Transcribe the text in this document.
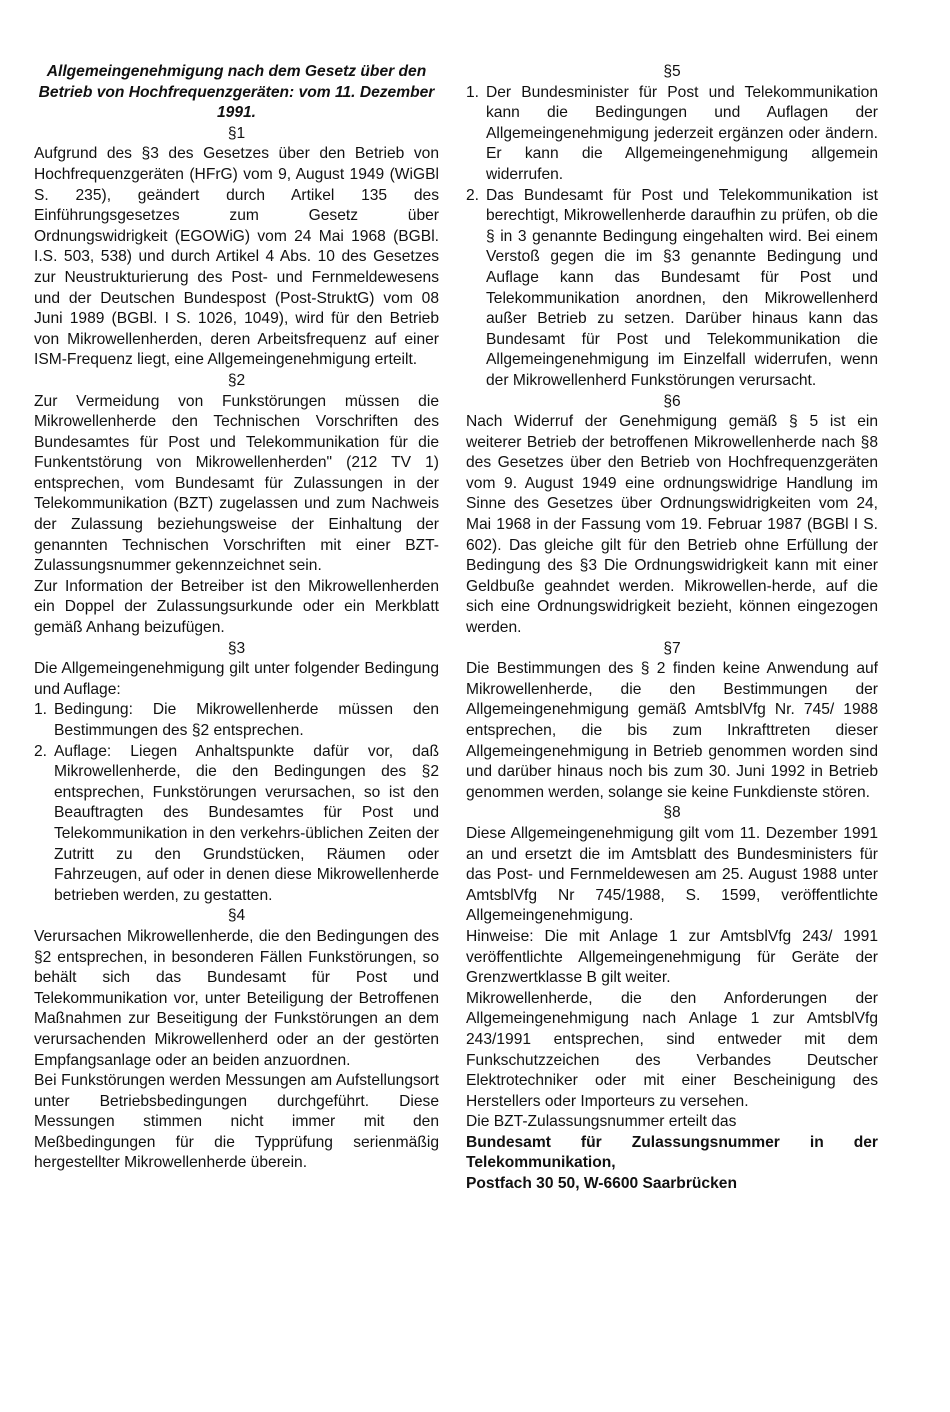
Allgemeingenehmigung nach dem Gesetz über den Betrieb von Hochfrequenzgeräten: vom 11. Dezember 1991.

§1

Aufgrund des §3 des Gesetzes über den Betrieb von Hochfrequenzgeräten (HFrG) vom 9, August 1949 (WiGBl S. 235), geändert durch Artikel 135 des Einführungsgesetzes zum Gesetz über Ordnungswidrigkeit (EGOWiG) vom 24 Mai 1968 (BGBl. I.S. 503, 538) und durch Artikel 4 Abs. 10 des Gesetzes zur Neustrukturierung des Post- und Fernmeldewesens und der Deutschen Bundespost (Post-StruktG) vom 08 Juni 1989 (BGBl. I S. 1026, 1049), wird für den Betrieb von Mikrowellenherden, deren Arbeitsfrequenz auf einer ISM-Frequenz liegt, eine Allgemeingenehmigung erteilt.

§2

Zur Vermeidung von Funkstörungen müssen die Mikrowellenherde den Technischen Vorschriften des Bundesamtes für Post und Telekommunikation für die Funkentstörung von Mikrowellenherden" (212 TV 1) entsprechen, vom Bundesamt für Zulassungen in der Telekommunikation (BZT) zugelassen und zum Nachweis der Zulassung beziehungsweise der Einhaltung der genannten Technischen Vorschriften mit einer BZT-Zulassungsnummer gekennzeichnet sein.

Zur Information der Betreiber ist den Mikrowellenherden ein Doppel der Zulassungsurkunde oder ein Merkblatt gemäß Anhang beizufügen.

§3

Die Allgemeingenehmigung gilt unter folgender Bedingung und Auflage:

1. Bedingung: Die Mikrowellenherde müssen den Bestimmungen des §2 entsprechen.
2. Auflage: Liegen Anhaltspunkte dafür vor, daß Mikrowellenherde, die den Bedingungen des §2 entsprechen, Funkstörungen verursachen, so ist den Beauftragten des Bundesamtes für Post und Telekommunikation in den verkehrs-üblichen Zeiten der Zutritt zu den Grundstücken, Räumen oder Fahrzeugen, auf oder in denen diese Mikrowellenherde betrieben werden, zu gestatten.

§4

Verursachen Mikrowellenherde, die den Bedingungen des §2 entsprechen, in besonderen Fällen Funkstörungen, so behält sich das Bundesamt für Post und Telekommunikation vor, unter Beteiligung der Betroffenen Maßnahmen zur Beseitigung der Funkstörungen an dem verursachenden Mikrowellenherd oder an der gestörten Empfangsanlage oder an beiden anzuordnen.

Bei Funkstörungen werden Messungen am Aufstellungsort unter Betriebsbedingungen durchgeführt. Diese Messungen stimmen nicht immer mit den Meßbedingungen für die Typprüfung serienmäßig hergestellter Mikrowellenherde überein.

§5

1. Der Bundesminister für Post und Telekommunikation kann die Bedingungen und Auflagen der Allgemeingenehmigung jederzeit ergänzen oder ändern. Er kann die Allgemeingenehmigung allgemein widerrufen.
2. Das Bundesamt für Post und Telekommunikation ist berechtigt, Mikrowellenherde daraufhin zu prüfen, ob die § in 3 genannte Bedingung eingehalten wird. Bei einem Verstoß gegen die im §3 genannte Bedingung und Auflage kann das Bundesamt für Post und Telekommunikation anordnen, den Mikrowellenherd außer Betrieb zu setzen. Darüber hinaus kann das Bundesamt für Post und Telekommunikation die Allgemeingenehmigung im Einzelfall widerrufen, wenn der Mikrowellenherd Funkstörungen verursacht.

§6

Nach Widerruf der Genehmigung gemäß § 5 ist ein weiterer Betrieb der betroffenen Mikrowellenherde nach §8 des Gesetzes über den Betrieb von Hochfrequenzgeräten vom 9. August 1949 eine ordnungswidrige Handlung im Sinne des Gesetzes über Ordnungswidrigkeiten vom 24, Mai 1968 in der Fassung vom 19. Februar 1987 (BGBl I S. 602). Das gleiche gilt für den Betrieb ohne Erfüllung der Bedingung des §3 Die Ordnungswidrigkeit kann mit einer Geldbuße geahndet werden. Mikrowellen-herde, auf die sich eine Ordnungswidrigkeit bezieht, können eingezogen werden.

§7

Die Bestimmungen des § 2 finden keine Anwendung auf Mikrowellenherde, die den Bestimmungen der Allgemeingenehmigung gemäß AmtsblVfg Nr. 745/ 1988 entsprechen, die bis zum Inkrafttreten dieser Allgemeingenehmigung in Betrieb genommen worden sind und darüber hinaus noch bis zum 30. Juni 1992 in Betrieb genommen werden, solange sie keine Funkdienste stören.

§8

Diese Allgemeingenehmigung gilt vom 11. Dezember 1991 an und ersetzt die im Amtsblatt des Bundesministers für das Post- und Fernmeldewesen am 25. August 1988 unter AmtsblVfg Nr 745/1988, S. 1599, veröffentlichte Allgemeingenehmigung.

Hinweise: Die mit Anlage 1 zur AmtsblVfg 243/ 1991 veröffentlichte Allgemeingenehmigung für Geräte der Grenzwertklasse B gilt weiter.

Mikrowellenherde, die den Anforderungen der Allgemeingenehmigung nach Anlage 1 zur AmtsblVfg 243/1991 entsprechen, sind entweder mit dem Funkschutzzeichen des Verbandes Deutscher Elektrotechniker oder mit einer Bescheinigung des Herstellers oder Importeurs zu versehen.

Die BZT-Zulassungsnummer erteilt das

Bundesamt für Zulassungsnummer in der Telekommunikation,

Postfach 30 50, W-6600 Saarbrücken
